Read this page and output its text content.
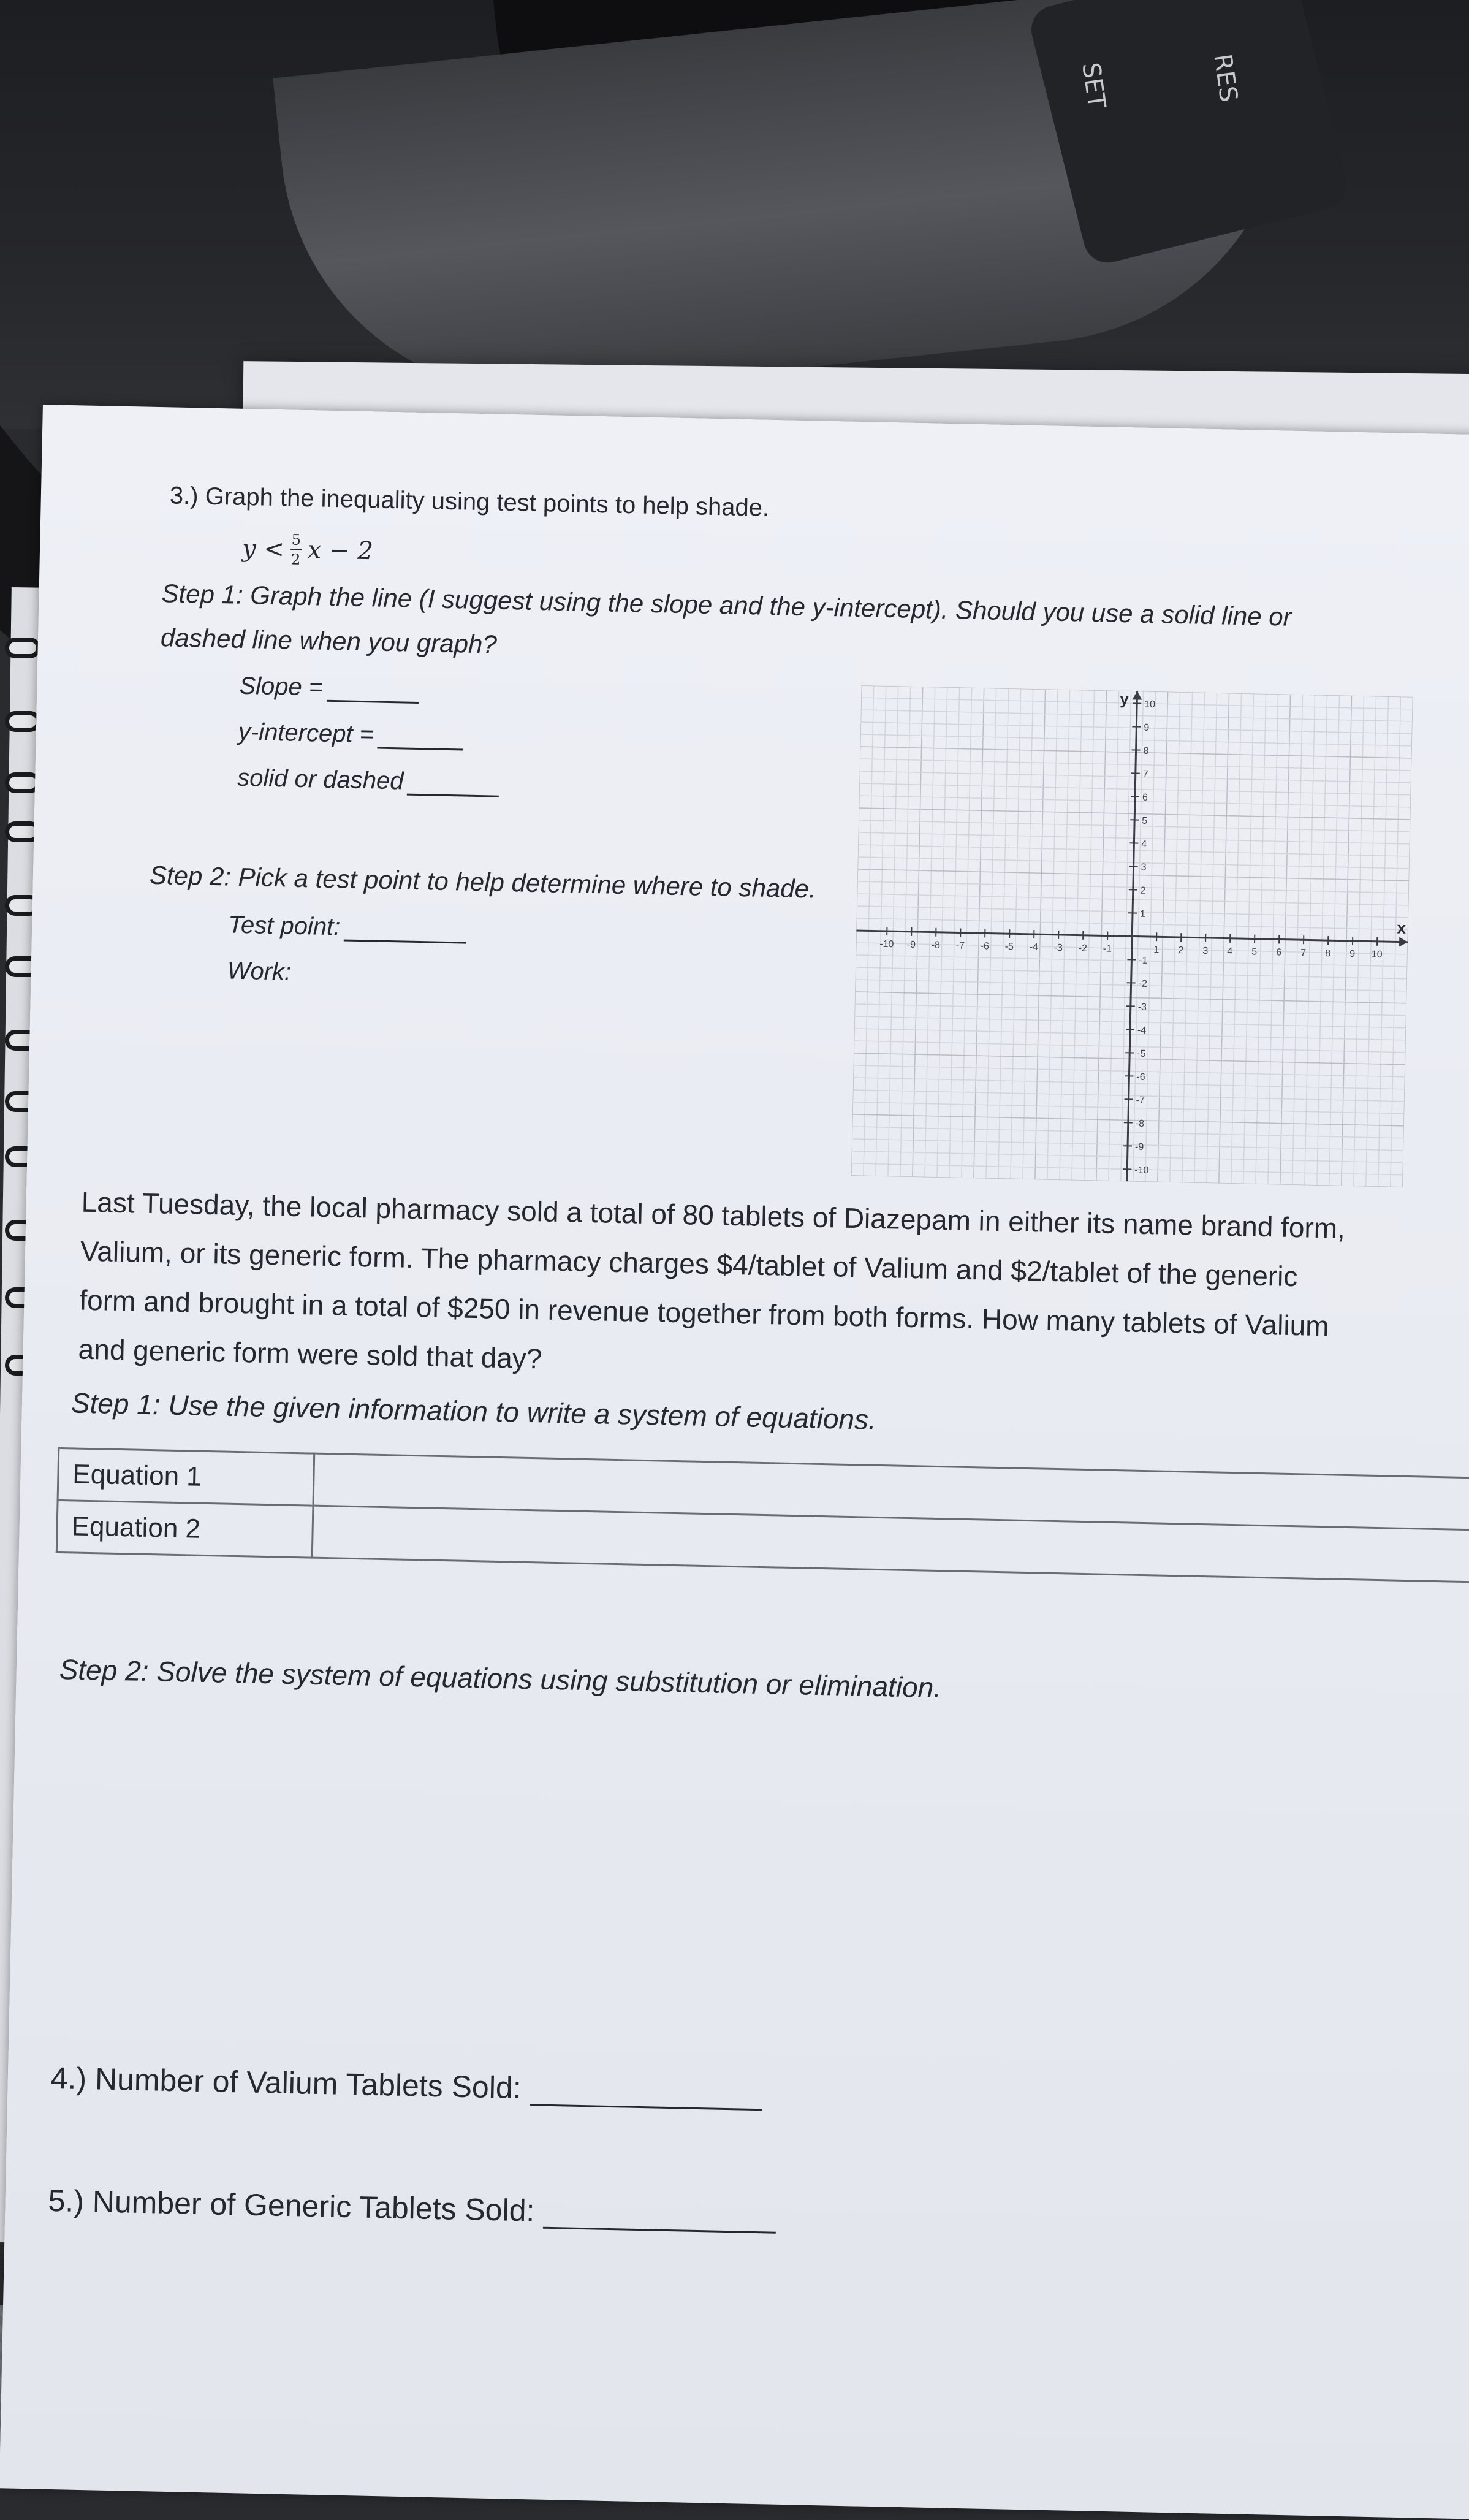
SET	RES
3.) Graph the inequality using test points to help shade.
$y < \frac{5}{2}$ x − 2
Step 1: Graph the line (I suggest using the slope and the y-intercept). Should you use a solid line or
dashed line when you graph?
Slope =
y-intercept =
solid or dashed
Step 2: Pick a test point to help determine where to shade.
Test point:
Work:
-10 -9 -8 -7 -6 -5 -4 -3 -2 -1	1 2 3 4 5 6 7 8 9 10
10
9
8
7
6
5
4
3
2
1
-1
-2
-3
-4
-5
-6
-7
-8
-9
-10
x
y
Last Tuesday, the local pharmacy sold a total of 80 tablets of Diazepam in either its name brand form,
Valium, or its generic form. The pharmacy charges $4/tablet of Valium and $2/tablet of the generic
form and brought in a total of $250 in revenue together from both forms. How many tablets of Valium
and generic form were sold that day?
Step 1: Use the given information to write a system of equations.
Equation 1	
Equation 2	
Step 2: Solve the system of equations using substitution or elimination.
4.) Number of Valium Tablets Sold:
5.) Number of Generic Tablets Sold:
